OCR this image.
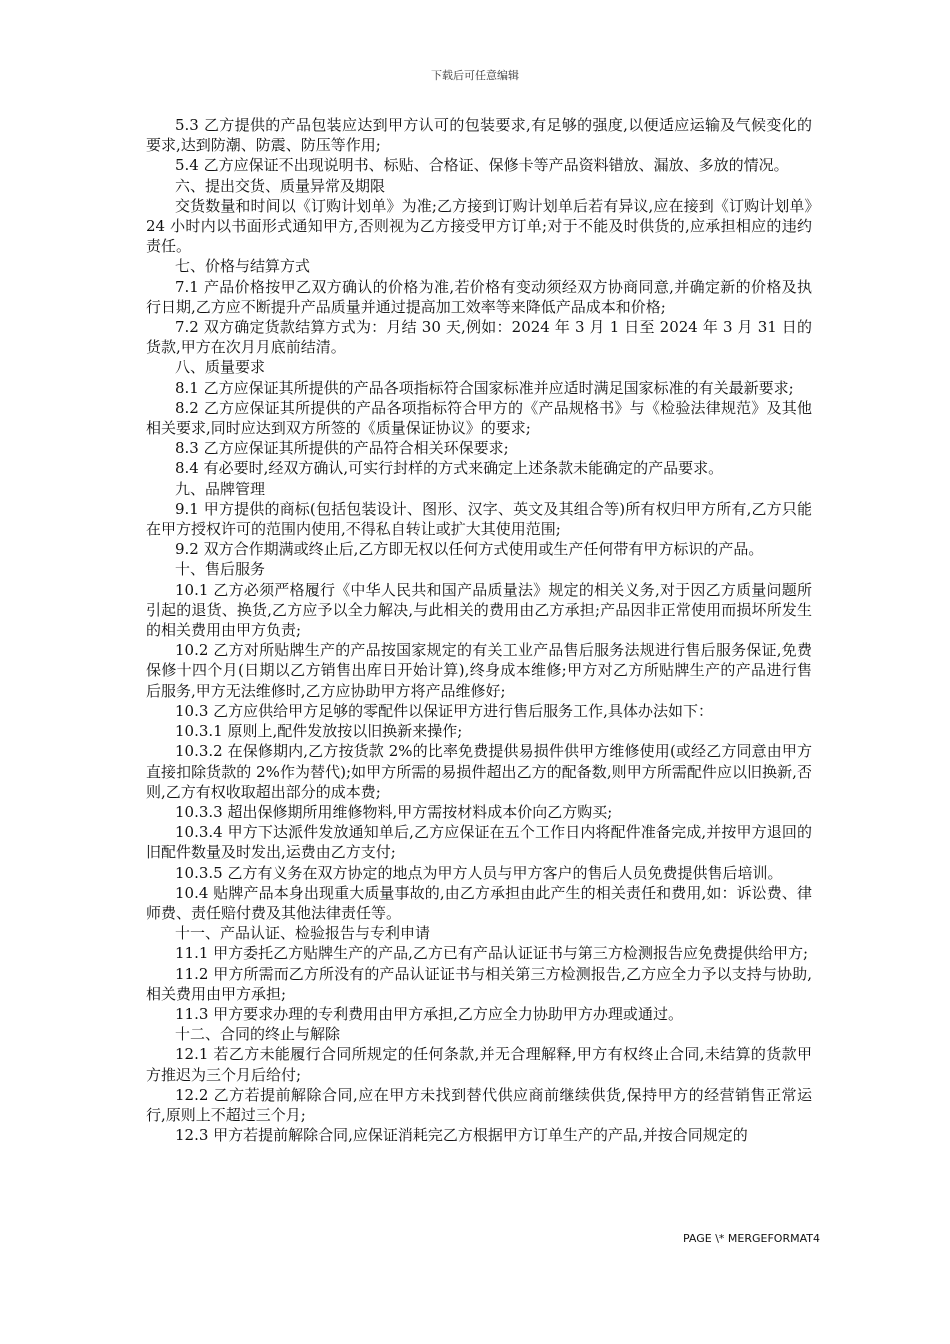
下载后可任意编辑

5.3 乙方提供的产品包装应达到甲方认可的包装要求,有足够的强度,以便适应运输及气候变化的要求,达到防潮、防震、防压等作用;

5.4 乙方应保证不出现说明书、标贴、合格证、保修卡等产品资料错放、漏放、多放的情况。

六、提出交货、质量异常及期限

交货数量和时间以《订购计划单》为准;乙方接到订购计划单后若有异议,应在接到《订购计划单》24 小时内以书面形式通知甲方,否则视为乙方接受甲方订单;对于不能及时供货的,应承担相应的违约责任。

七、价格与结算方式

7.1 产品价格按甲乙双方确认的价格为准,若价格有变动须经双方协商同意,并确定新的价格及执行日期,乙方应不断提升产品质量并通过提高加工效率等来降低产品成本和价格;

7.2 双方确定货款结算方式为：月结 30 天,例如：2024 年 3 月 1 日至 2024 年 3 月 31 日的货款,甲方在次月月底前结清。

八、质量要求

8.1 乙方应保证其所提供的产品各项指标符合国家标准并应适时满足国家标准的有关最新要求;

8.2 乙方应保证其所提供的产品各项指标符合甲方的《产品规格书》与《检验法律规范》及其他相关要求,同时应达到双方所签的《质量保证协议》的要求;

8.3 乙方应保证其所提供的产品符合相关环保要求;

8.4 有必要时,经双方确认,可实行封样的方式来确定上述条款未能确定的产品要求。

九、品牌管理

9.1 甲方提供的商标(包括包装设计、图形、汉字、英文及其组合等)所有权归甲方所有,乙方只能在甲方授权许可的范围内使用,不得私自转让或扩大其使用范围;

9.2 双方合作期满或终止后,乙方即无权以任何方式使用或生产任何带有甲方标识的产品。

十、售后服务

10.1 乙方必须严格履行《中华人民共和国产品质量法》规定的相关义务,对于因乙方质量问题所引起的退货、换货,乙方应予以全力解决,与此相关的费用由乙方承担;产品因非正常使用而损坏所发生的相关费用由甲方负责;

10.2 乙方对所贴牌生产的产品按国家规定的有关工业产品售后服务法规进行售后服务保证,免费保修十四个月(日期以乙方销售出库日开始计算),终身成本维修;甲方对乙方所贴牌生产的产品进行售后服务,甲方无法维修时,乙方应协助甲方将产品维修好;

10.3 乙方应供给甲方足够的零配件以保证甲方进行售后服务工作,具体办法如下：

10.3.1 原则上,配件发放按以旧换新来操作;

10.3.2 在保修期内,乙方按货款 2%的比率免费提供易损件供甲方维修使用(或经乙方同意由甲方直接扣除货款的 2%作为替代);如甲方所需的易损件超出乙方的配备数,则甲方所需配件应以旧换新,否则,乙方有权收取超出部分的成本费;

10.3.3 超出保修期所用维修物料,甲方需按材料成本价向乙方购买;

10.3.4 甲方下达派件发放通知单后,乙方应保证在五个工作日内将配件准备完成,并按甲方退回的旧配件数量及时发出,运费由乙方支付;

10.3.5 乙方有义务在双方协定的地点为甲方人员与甲方客户的售后人员免费提供售后培训。

10.4 贴牌产品本身出现重大质量事故的,由乙方承担由此产生的相关责任和费用,如：诉讼费、律师费、责任赔付费及其他法律责任等。

十一、产品认证、检验报告与专利申请

11.1 甲方委托乙方贴牌生产的产品,乙方已有产品认证证书与第三方检测报告应免费提供给甲方;

11.2 甲方所需而乙方所没有的产品认证证书与相关第三方检测报告,乙方应全力予以支持与协助,相关费用由甲方承担;

11.3 甲方要求办理的专利费用由甲方承担,乙方应全力协助甲方办理或通过。

十二、合同的终止与解除

12.1 若乙方未能履行合同所规定的任何条款,并无合理解释,甲方有权终止合同,未结算的货款甲方推迟为三个月后给付;

12.2 乙方若提前解除合同,应在甲方未找到替代供应商前继续供货,保持甲方的经营销售正常运行,原则上不超过三个月;

12.3 甲方若提前解除合同,应保证消耗完乙方根据甲方订单生产的产品,并按合同规定的

PAGE \* MERGEFORMAT4
